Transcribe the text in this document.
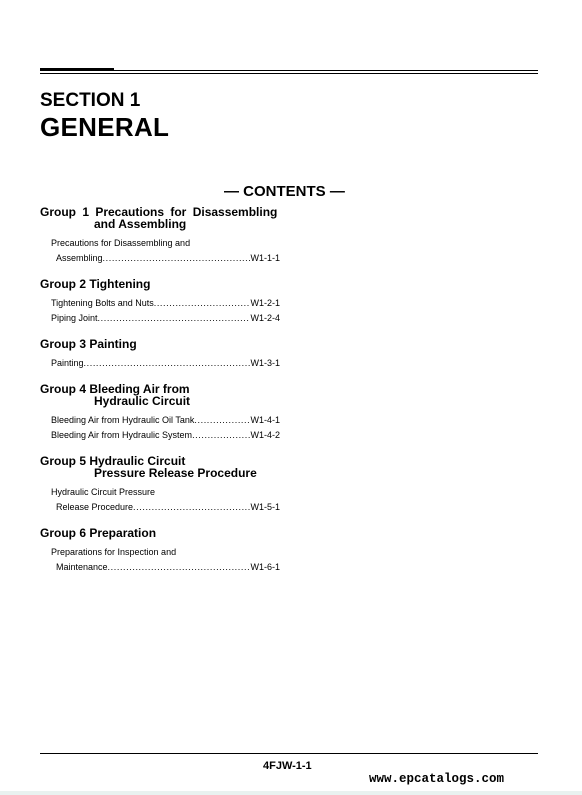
SECTION 1
GENERAL
— CONTENTS —
Group 1 Precautions for Disassembling
and Assembling
Precautions for Disassembling and
Assembling .....	W1-1-1
Group 2 Tightening
Tightening Bolts and Nuts .....	W1-2-1
Piping Joint .....	W1-2-4
Group 3 Painting
Painting .....	W1-3-1
Group 4 Bleeding Air from
Hydraulic Circuit
Bleeding Air from Hydraulic Oil Tank .....	W1-4-1
Bleeding Air from Hydraulic System .....	W1-4-2
Group 5 Hydraulic Circuit
Pressure Release Procedure
Hydraulic Circuit Pressure
Release Procedure .....	W1-5-1
Group 6 Preparation
Preparations for Inspection and
Maintenance .....	W1-6-1
4FJW-1-1
www.epcatalogs.com
